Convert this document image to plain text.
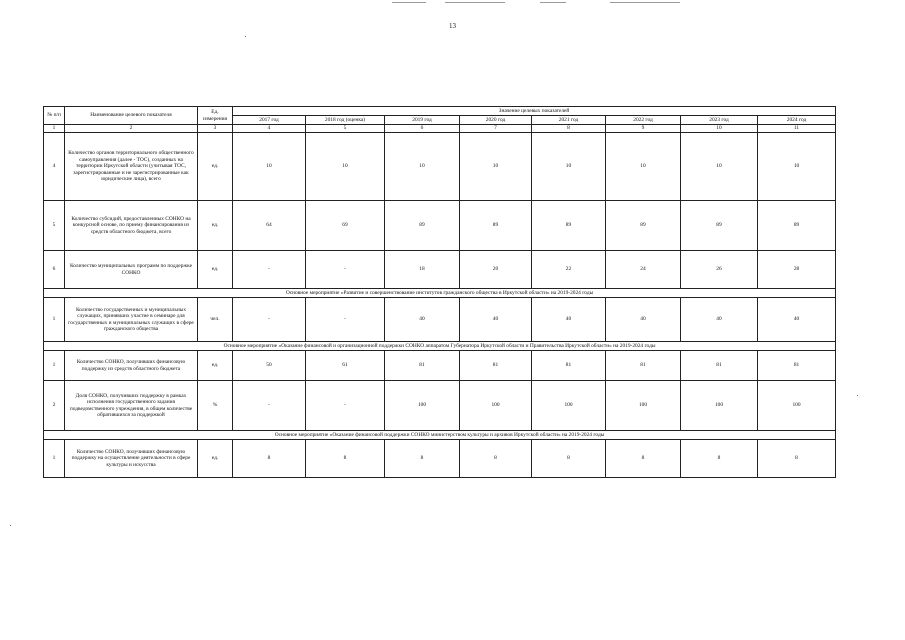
13
№ п/п	Наименование целевого показателя	Ед. измерения	Значение целевых показателей							
			2017 год	2018 год (оценка)	2019 год	2020 год	2021 год	2022 год	2023 год	2024 год
1	2	3	4	5	6	7	8	9	10	11
4	Количество органов территориального общественного самоуправления (далее - ТОС), созданных на территории Иркутской области (учитывая ТОС, зарегистрированные и не зарегистрированные как юридические лица), всего	ед.	10	10	10	10	10	10	10	10
5	Количество субсидий, предоставленных СОНКО на конкурсной основе, по приему финансирования из средств областного бюджета, всего	ед.	64	69	89	89	89	89	89	89
6	Количество муниципальных программ по поддержке СОНКО	ед.	-	-	18	20	22	24	26	28
Основное мероприятие «Развитие и совершенствование институтов гражданского общества в Иркутской области» на 2019-2024 годы										
1	Количество государственных и муниципальных служащих, принявших участие в семинаре для государственных и муниципальных служащих в сфере гражданского общества	чел.	-	-	40	40	40	40	40	40
Основное мероприятие «Оказание финансовой и организационной поддержки СОНКО аппаратом Губернатора Иркутской области и Правительства Иркутской области» на 2019-2024 годы										
1	Количество СОНКО, получивших финансовую поддержку из средств областного бюджета	ед.	50	61	81	81	81	81	81	81
2	Доля СОНКО, получивших поддержку в рамках исполнения государственного задания подведомственного учреждения, в общем количестве обратившихся за поддержкой	%	-	-	100	100	100	100	100	100
Основное мероприятие «Оказание финансовой поддержки СОНКО министерством культуры и архивов Иркутской области» на 2019-2024 годы										
1	Количество СОНКО, получивших финансовую поддержку на осуществление деятельности в сфере культуры и искусства	ед.	8	8	8	8	8	8	8	8
